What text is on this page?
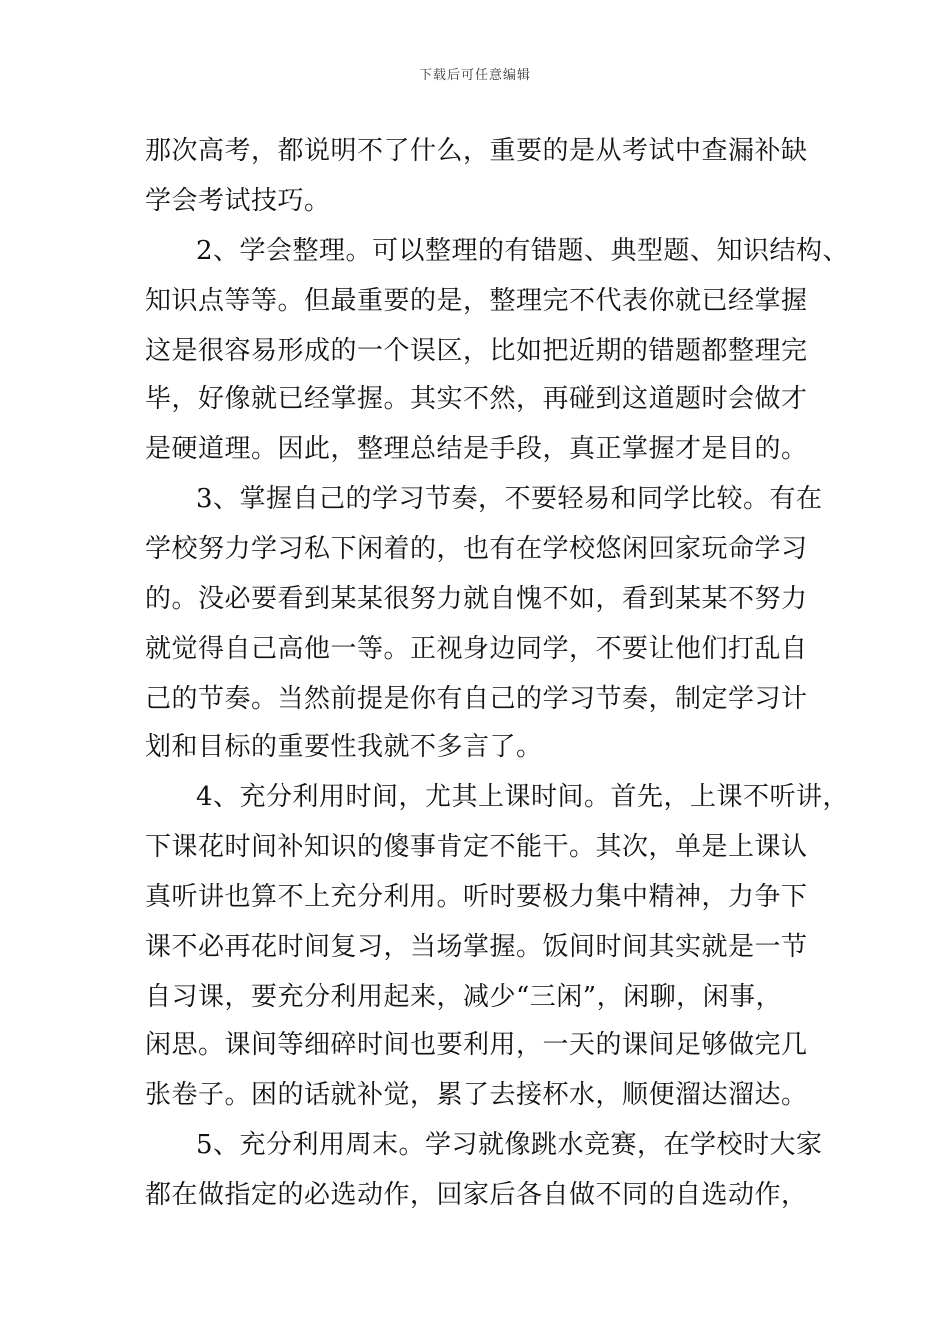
下载后可任意编辑
那次高考，都说明不了什么，重要的是从考试中查漏补缺
学会考试技巧。
2、学会整理。可以整理的有错题、典型题、知识结构、
知识点等等。但最重要的是，整理完不代表你就已经掌握
这是很容易形成的一个误区，比如把近期的错题都整理完
毕，好像就已经掌握。其实不然，再碰到这道题时会做才
是硬道理。因此，整理总结是手段，真正掌握才是目的。
3、掌握自己的学习节奏，不要轻易和同学比较。有在
学校努力学习私下闲着的，也有在学校悠闲回家玩命学习
的。没必要看到某某很努力就自愧不如，看到某某不努力
就觉得自己高他一等。正视身边同学，不要让他们打乱自
己的节奏。当然前提是你有自己的学习节奏，制定学习计
划和目标的重要性我就不多言了。
4、充分利用时间，尤其上课时间。首先，上课不听讲，
下课花时间补知识的傻事肯定不能干。其次，单是上课认
真听讲也算不上充分利用。听时要极力集中精神，力争下
课不必再花时间复习，当场掌握。饭间时间其实就是一节
自习课，要充分利用起来，减少“三闲”，闲聊，闲事，
闲思。课间等细碎时间也要利用，一天的课间足够做完几
张卷子。困的话就补觉，累了去接杯水，顺便溜达溜达。
5、充分利用周末。学习就像跳水竞赛，在学校时大家
都在做指定的必选动作，回家后各自做不同的自选动作，
